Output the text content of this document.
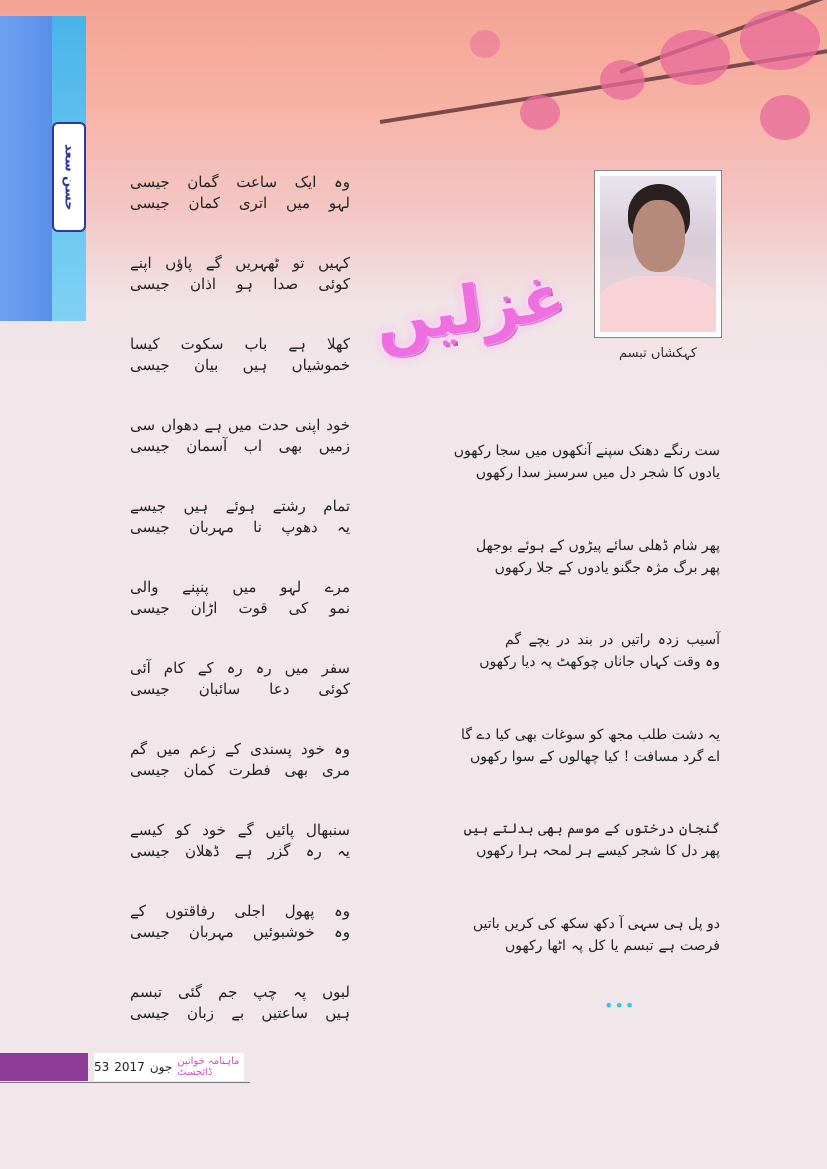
حسن سعد
کہکشاں تبسم
غزلیں
وہ ایک ساعت گمان جیسی
لہو میں اتری کمان جیسی
کہیں تو ٹھہریں گے پاؤں اپنے
کوئی صدا ہو اذان جیسی
کھلا ہے باب سکوت کیسا
خموشیاں ہیں بیان جیسی
خود اپنی حدت میں ہے دھواں سی
زمیں بھی اب آسمان جیسی
تمام رشتے ہوئے ہیں جیسے
یہ دھوپ نا مہربان جیسی
مرے لہو میں پنپنے والی
نمو کی قوت اڑان جیسی
سفر میں رہ رہ کے کام آئی
کوئی دعا سائبان جیسی
وہ خود پسندی کے زعم میں گم
مری بھی فطرت کمان جیسی
سنبھال پائیں گے خود کو کیسے
یہ رہ گزر ہے ڈھلان جیسی
وہ پھول اجلی رفاقتوں کے
وہ خوشبوئیں مہربان جیسی
لبوں پہ چپ جم گئی تبسم
ہیں ساعتیں بے زبان جیسی
ست رنگے دھنک سپنے آنکھوں میں سجا رکھوں
یادوں کا شجر دل میں سرسبز سدا رکھوں
پھر شام ڈھلی سائے پیڑوں کے ہوئے بوجھل
پھر برگ مژہ جگنو یادوں کے جلا رکھوں
آسیب زدہ راتیں در بند در یچے گم
وہ وقت کہاں جاناں چوکھٹ پہ دیا رکھوں
یہ دشت طلب مجھ کو سوغات بھی کیا دے گا
اے گرد مسافت ! کیا چھالوں کے سوا رکھوں
گنجان درختوں کے موسم بھی بدلتے ہیں
پھر دل کا شجر کیسے ہر لمحہ ہرا رکھوں
دو پل ہی سہی آ دکھ سکھ کی کریں باتیں
فرصت ہے تبسم یا کل پہ اٹھا رکھوں
•••
53 2017 جون ماہنامہ خواتین ڈائجسٹ
